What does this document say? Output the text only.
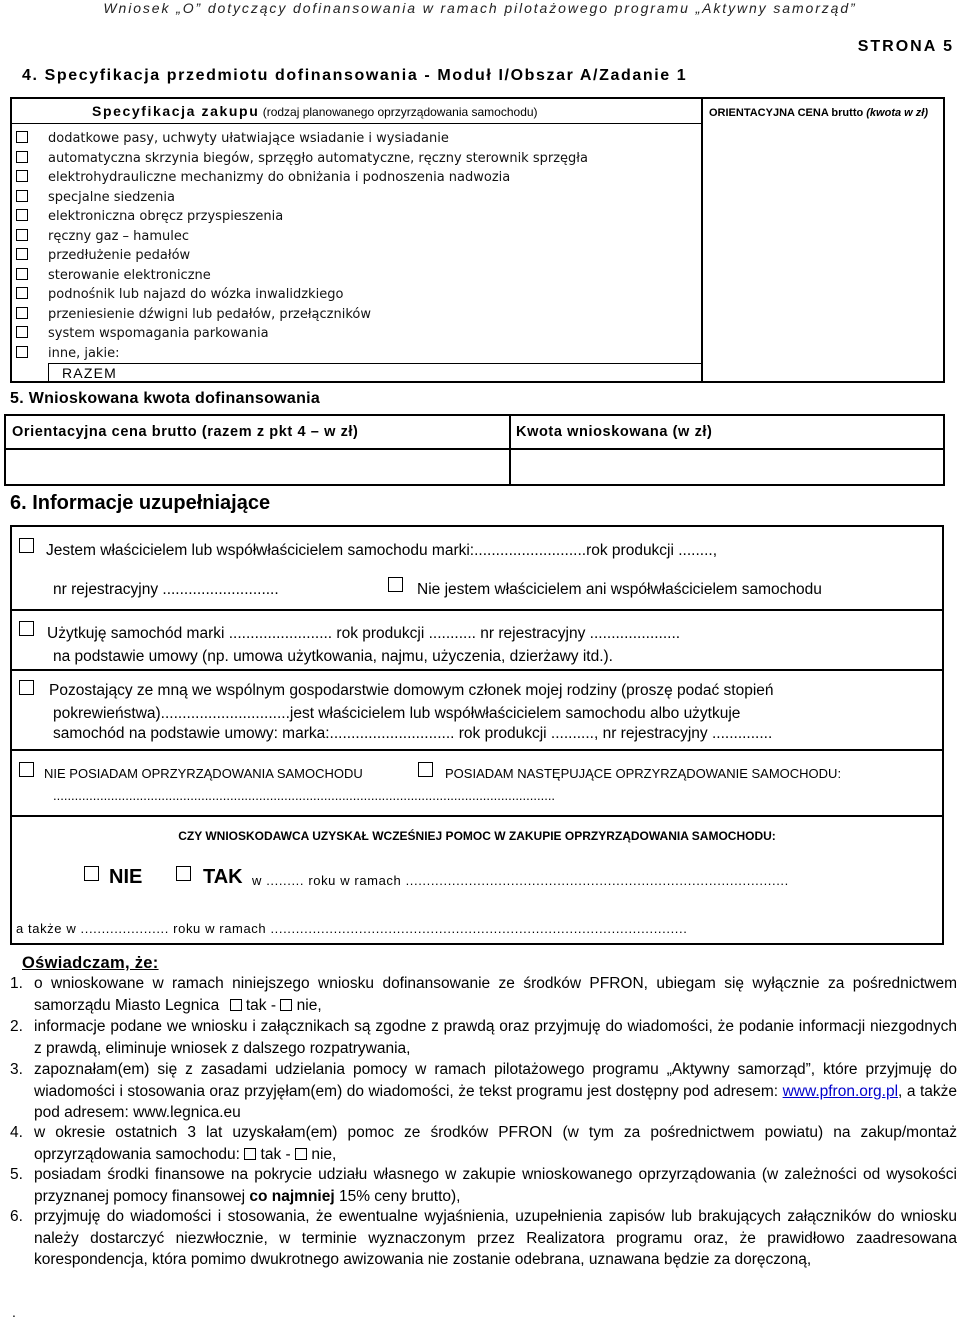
Wniosek „O” dotyczący dofinansowania w ramach pilotażowego programu „Aktywny samorząd”
STRONA 5
4. Specyfikacja przedmiotu dofinansowania - Moduł I/Obszar A/Zadanie 1
Specyfikacja zakupu (rodzaj planowanego oprzyrządowania samochodu)	ORIENTACYJNA CENA brutto (kwota w zł)
dodatkowe pasy, uchwyty ułatwiające wsiadanie i wysiadanie
automatyczna skrzynia biegów, sprzęgło automatyczne, ręczny sterownik sprzęgła
elektrohydrauliczne mechanizmy do obniżania i podnoszenia nadwozia
specjalne siedzenia
elektroniczna obręcz przyspieszenia
ręczny gaz – hamulec
przedłużenie pedałów
sterowanie elektroniczne
podnośnik lub najazd do wózka inwalidzkiego
przeniesienie dźwigni lub pedałów, przełączników
system wspomagania parkowania
inne, jakie:
RAZEM
5. Wnioskowana kwota dofinansowania
Orientacyjna cena brutto (razem z pkt 4 – w zł)	Kwota wnioskowana (w zł)
6. Informacje uzupełniające
Jestem właścicielem lub współwłaścicielem samochodu marki:..........................rok produkcji ........,
nr rejestracyjny ...........................	Nie jestem właścicielem ani współwłaścicielem samochodu
Użytkuję samochód marki ........................ rok produkcji ........... nr rejestracyjny .....................
na podstawie umowy (np. umowa użytkowania, najmu, użyczenia, dzierżawy itd.).
Pozostający ze mną we wspólnym gospodarstwie domowym członek mojej rodziny (proszę podać stopień
pokrewieństwa)..............................jest właścicielem lub współwłaścicielem samochodu albo użytkuje
samochód na podstawie umowy: marka:............................. rok produkcji .........., nr rejestracyjny ..............
NIE POSIADAM OPRZYRZĄDOWANIA SAMOCHODU	POSIADAM NASTĘPUJĄCE OPRZYRZĄDOWANIE SAMOCHODU:
...........................................................................................................................................
CZY WNIOSKODAWCA UZYSKAŁ WCZEŚNIEJ POMOC W ZAKUPIE OPRZYRZĄDOWANIA SAMOCHODU:
NIE	TAK w ......... roku w ramach ...........................................................................................
a także w ..................... roku w ramach ...................................................................................................
Oświadczam, że:
1. o wnioskowane w ramach niniejszego wniosku dofinansowanie ze środków PFRON, ubiegam się wyłącznie za pośrednictwem samorządu Miasto Legnica tak - nie,
2. informacje podane we wniosku i załącznikach są zgodne z prawdą oraz przyjmuję do wiadomości, że podanie informacji niezgodnych z prawdą, eliminuje wniosek z dalszego rozpatrywania,
3. zapoznałam(em) się z zasadami udzielania pomocy w ramach pilotażowego programu „Aktywny samorząd”, które przyjmuję do wiadomości i stosowania oraz przyjęłam(em) do wiadomości, że tekst programu jest dostępny pod adresem: www.pfron.org.pl, a także pod adresem: www.legnica.eu
4. w okresie ostatnich 3 lat uzyskałam(em) pomoc ze środków PFRON (w tym za pośrednictwem powiatu) na zakup/montaż oprzyrządowania samochodu: tak - nie,
5. posiadam środki finansowe na pokrycie udziału własnego w zakupie wnioskowanego oprzyrządowania (w zależności od wysokości przyznanej pomocy finansowej co najmniej 15% ceny brutto),
6. przyjmuję do wiadomości i stosowania, że ewentualne wyjaśnienia, uzupełnienia zapisów lub brakujących załączników do wniosku należy dostarczyć niezwłocznie, w terminie wyznaczonym przez Realizatora programu oraz, że prawidłowo zaadresowana korespondencja, która pomimo dwukrotnego awizowania nie zostanie odebrana, uznawana będzie za doręczoną,
.
